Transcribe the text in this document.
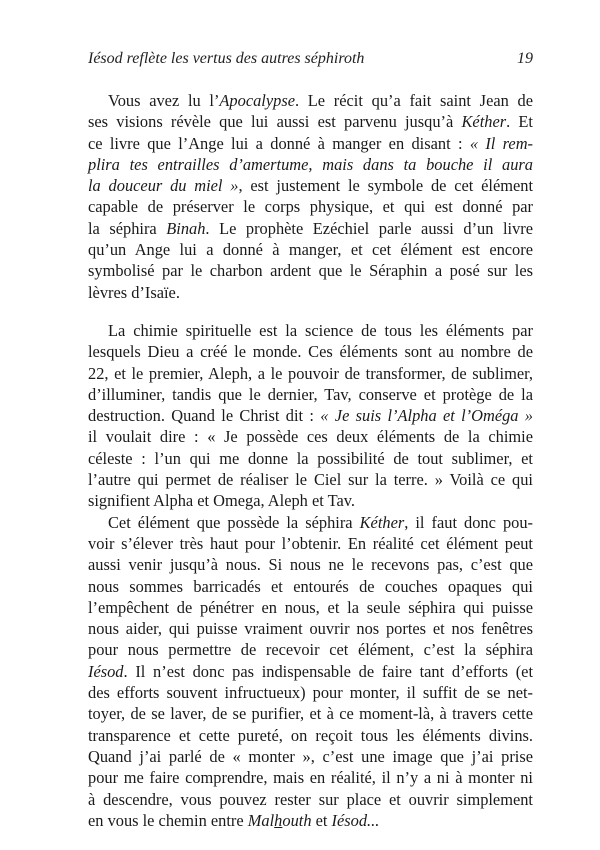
Iésod reflète les vertus des autres séphiroth	19

Vous avez lu l’Apocalypse. Le récit qu’a fait saint Jean de
ses visions révèle que lui aussi est parvenu jusqu’à Kéther. Et
ce livre que l’Ange lui a donné à manger en disant : « Il rem-
plira tes entrailles d’amertume, mais dans ta bouche il aura
la douceur du miel », est justement le symbole de cet élément
capable de préserver le corps physique, et qui est donné par
la séphira Binah. Le prophète Ezéchiel parle aussi d’un livre
qu’un Ange lui a donné à manger, et cet élément est encore
symbolisé par le charbon ardent que le Séraphin a posé sur les
lèvres d’Isaïe.

La chimie spirituelle est la science de tous les éléments par
lesquels Dieu a créé le monde. Ces éléments sont au nombre de
22, et le premier, Aleph, a le pouvoir de transformer, de sublimer,
d’illuminer, tandis que le dernier, Tav, conserve et protège de la
destruction. Quand le Christ dit : « Je suis l’Alpha et l’Oméga »
il voulait dire : « Je possède ces deux éléments de la chimie
céleste : l’un qui me donne la possibilité de tout sublimer, et
l’autre qui permet de réaliser le Ciel sur la terre. » Voilà ce qui
signifient Alpha et Omega, Aleph et Tav.

Cet élément que possède la séphira Kéther, il faut donc pou-
voir s’élever très haut pour l’obtenir. En réalité cet élément peut
aussi venir jusqu’à nous. Si nous ne le recevons pas, c’est que
nous sommes barricadés et entourés de couches opaques qui
l’empêchent de pénétrer en nous, et la seule séphira qui puisse
nous aider, qui puisse vraiment ouvrir nos portes et nos fenêtres
pour nous permettre de recevoir cet élément, c’est la séphira
Iésod. Il n’est donc pas indispensable de faire tant d’efforts (et
des efforts souvent infructueux) pour monter, il suffit de se net-
toyer, de se laver, de se purifier, et à ce moment-là, à travers cette
transparence et cette pureté, on reçoit tous les éléments divins.
Quand j’ai parlé de « monter », c’est une image que j’ai prise
pour me faire comprendre, mais en réalité, il n’y a ni à monter ni
à descendre, vous pouvez rester sur place et ouvrir simplement
en vous le chemin entre Malhouth et Iésod...
